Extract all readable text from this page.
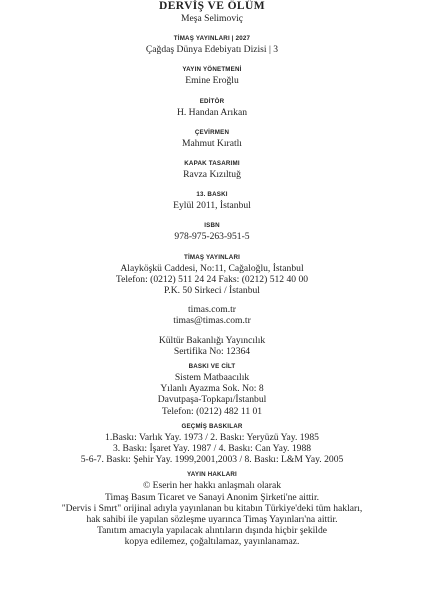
DERVİŞ VE ÖLÜM
Meşa Selimoviç
TİMAŞ YAYINLARI | 2027
Çağdaş Dünya Edebiyatı Dizisi | 3
YAYIN YÖNETMENİ
Emine Eroğlu
EDİTÖR
H. Handan Arıkan
ÇEVİRMEN
Mahmut Kıratlı
KAPAK TASARIMI
Ravza Kızıltuğ
13. BASKI
Eylül 2011, İstanbul
ISBN
978-975-263-951-5
TİMAŞ YAYINLARI
Alayköşkü Caddesi, No:11, Cağaloğlu, İstanbul
Telefon: (0212) 511 24 24 Faks: (0212) 512 40 00
P.K. 50 Sirkeci / İstanbul
timas.com.tr
timas@timas.com.tr
Kültür Bakanlığı Yayıncılık
Sertifika No: 12364
BASKI VE CİLT
Sistem Matbaacılık
Yılanlı Ayazma Sok. No: 8
Davutpaşa-Topkapı/İstanbul
Telefon: (0212) 482 11 01
GEÇMİŞ BASKILAR
1.Baskı: Varlık Yay. 1973 / 2. Baskı: Yeryüzü Yay. 1985
3. Baskı: İşaret Yay. 1987 / 4. Baskı: Can Yay. 1988
5-6-7. Baskı: Şehir Yay. 1999,2001,2003 / 8. Baskı: L&M Yay. 2005
YAYIN HAKLARI
© Eserin her hakkı anlaşmalı olarak
Timaş Basım Ticaret ve Sanayi Anonim Şirketi'ne aittir.
"Dervis i Smrt" orijinal adıyla yayınlanan bu kitabın Türkiye'deki tüm hakları,
hak sahibi ile yapılan sözleşme uyarınca Timaş Yayınları'na aittir.
Tanıtım amacıyla yapılacak alıntıların dışında hiçbir şekilde
kopya edilemez, çoğaltılamaz, yayınlanamaz.
